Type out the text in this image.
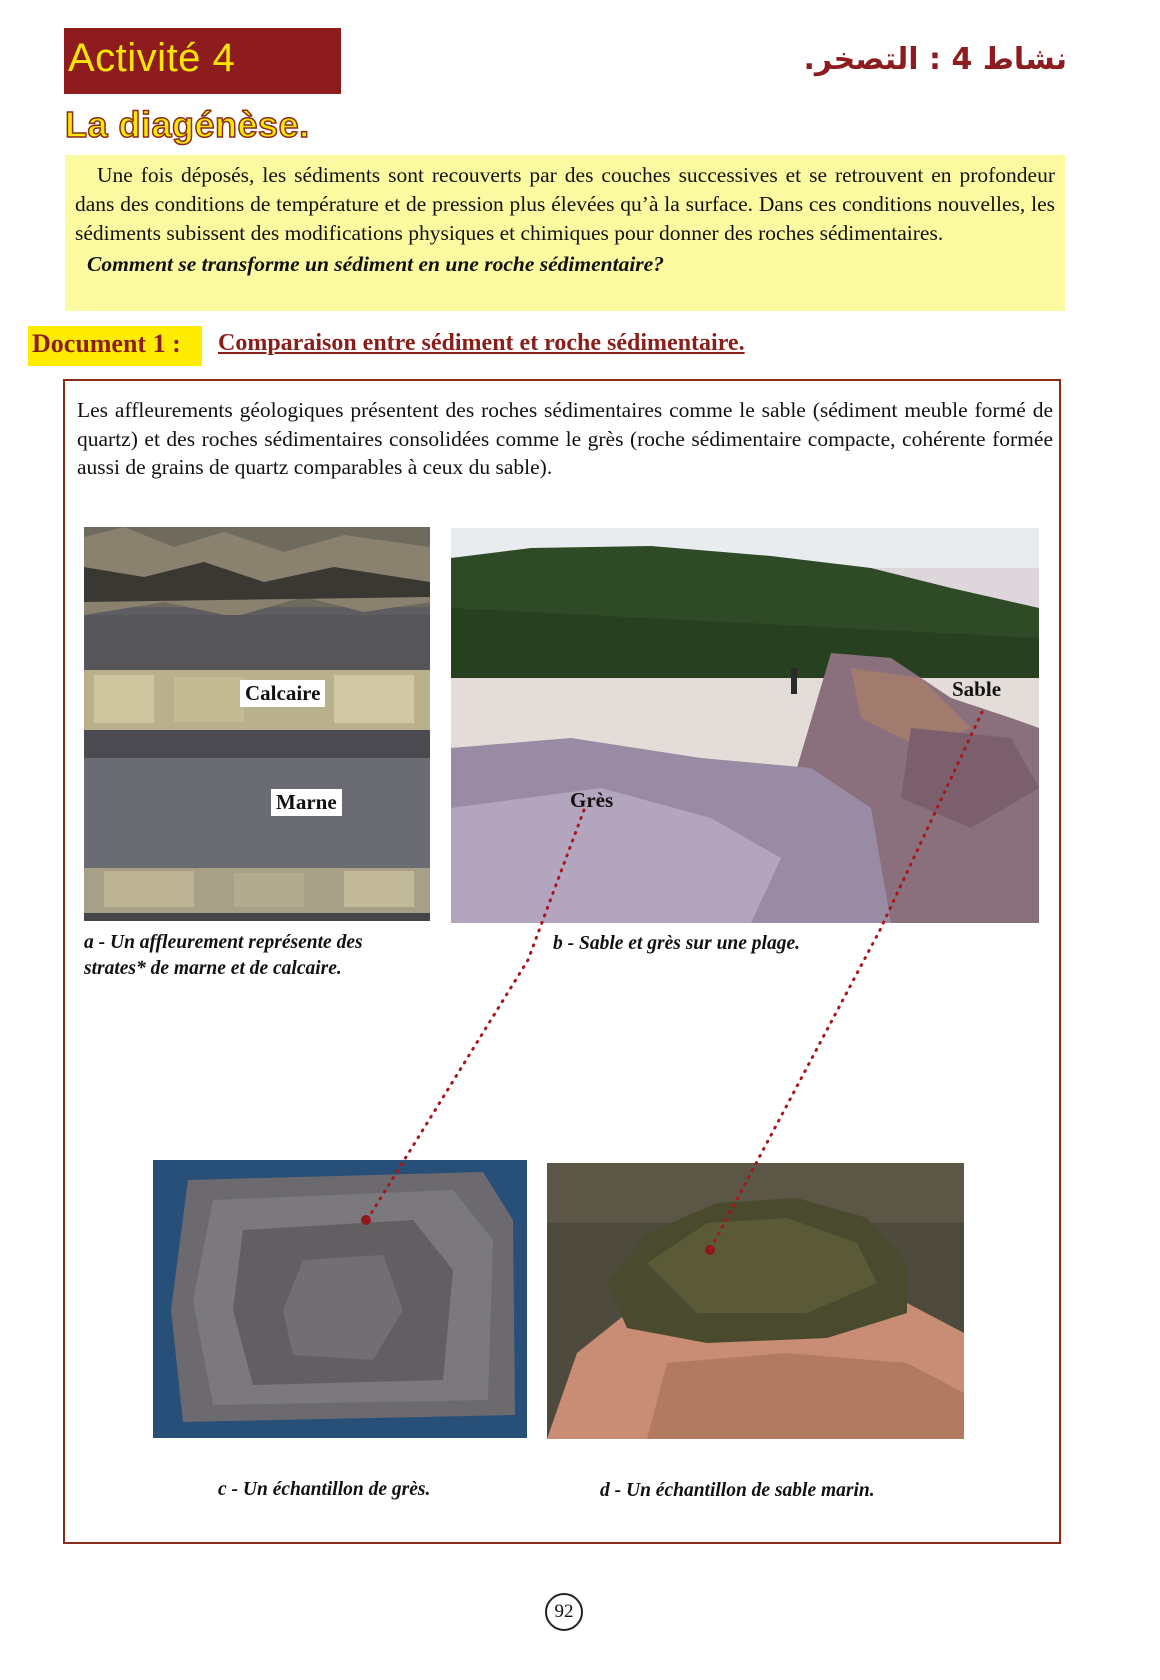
Activité 4	نشاط 4 : التصخر.
La diagénèse.

Une fois déposés, les sédiments sont recouverts par des couches successives et se retrouvent en profondeur dans des conditions de température et de pression plus élevées qu’à la surface. Dans ces conditions nouvelles, les sédiments subissent des modifications physiques et chimiques pour donner des roches sédimentaires.

Comment se transforme un sédiment en une roche sédimentaire?

Document 1 :	Comparaison entre sédiment et roche sédimentaire.

Les affleurements géologiques présentent des roches sédimentaires comme le sable (sédiment meuble formé de quartz) et des roches sédimentaires consolidées comme le grès (roche sédimentaire compacte, cohérente formée aussi de grains de quartz comparables à ceux du sable).

Calcaire
Marne
Sable
Grès

a - Un affleurement représente des strates* de marne et de calcaire.

b - Sable et grès sur une plage.

c - Un échantillon de grès.	d - Un échantillon de sable marin.

92
